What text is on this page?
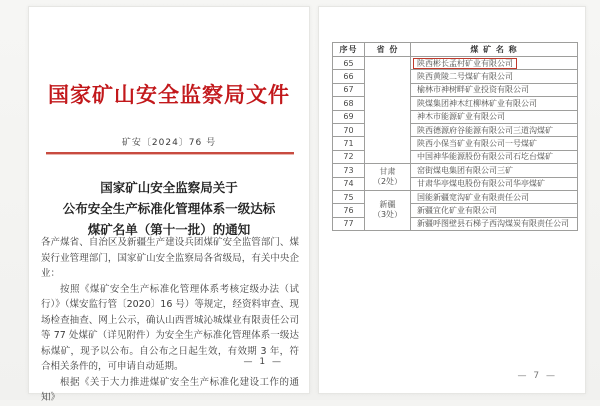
国家矿山安全监察局文件
矿安〔2024〕76 号
国家矿山安全监察局关于
公布安全生产标准化管理体系一级达标
煤矿名单（第十一批）的通知

各产煤省、自治区及新疆生产建设兵团煤矿安全监管部门、煤炭行业管理部门，国家矿山安全监察局各省级局，有关中央企业：

按照《煤矿安全生产标准化管理体系考核定级办法（试行）》（煤安监行管〔2020〕16 号）等规定，经资料审查、现场检查抽查、网上公示，确认山西晋城沁城煤业有限责任公司等 77 处煤矿（详见附件）为安全生产标准化管理体系一级达标煤矿，现予以公布。自公布之日起生效，有效期 3 年，符合相关条件的，可申请自动延期。

根据《关于大力推进煤矿安全生产标准化建设工作的通知》

— 1 —
序号	省 份	煤 矿 名 称
65		陕西彬长孟村矿业有限公司
66		陕西黄陵二号煤矿有限公司
67		榆林市神树畔矿业投资有限公司
68		陕煤集团神木红柳林矿业有限公司
69		神木市能源矿业有限公司
70		陕西德源府谷能源有限公司三道沟煤矿
71		陕西小保当矿业有限公司一号煤矿
72		中国神华能源股份有限公司石圪台煤矿
73	甘肃
（2处）	窑街煤电集团有限公司三矿
74		甘肃华亭煤电股份有限公司华亭煤矿
75	新疆
（3处）	国能新疆宽沟矿业有限责任公司
76		新疆宜化矿业有限公司
77		新疆呼图壁县石梯子西沟煤炭有限责任公司
— 7 —
